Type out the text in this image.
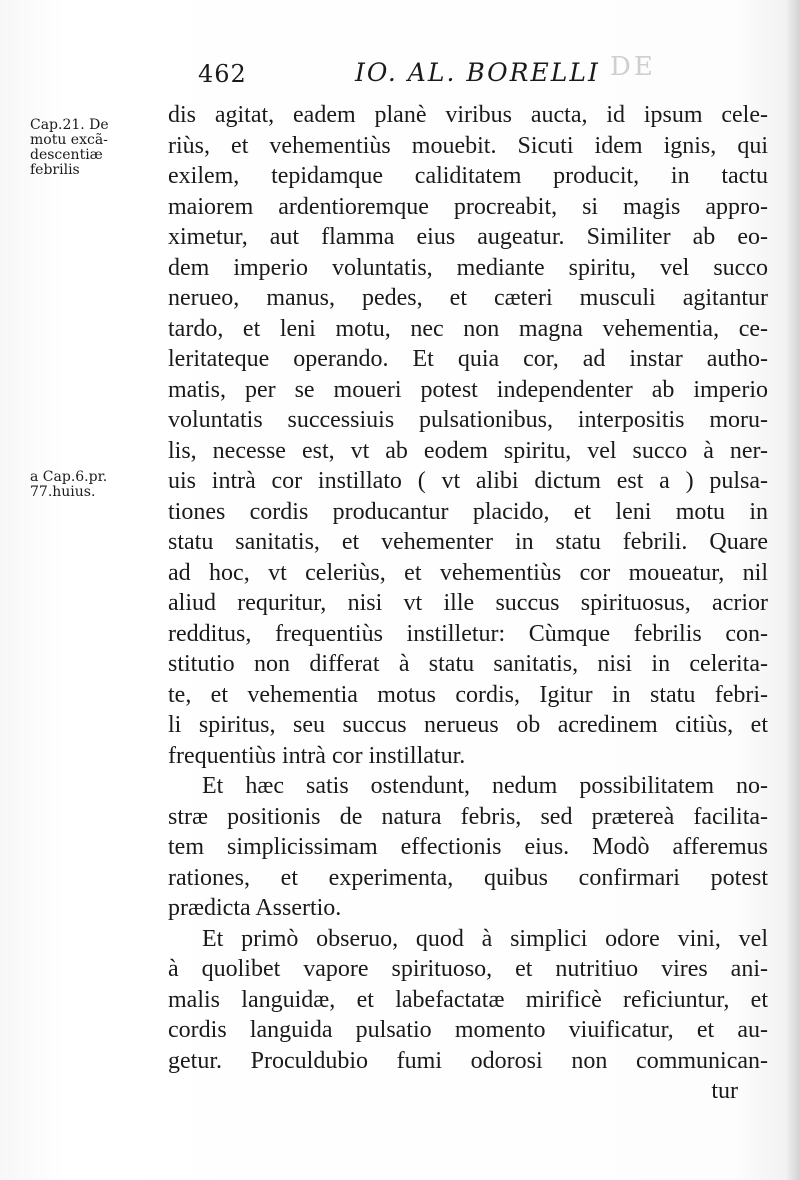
462	IO. AL. BORELLI DE
Cap.21. De
motu excã-
descentiæ
febrilis
a Cap.6.pr.
77.huius.
dis agitat, eadem planè viribus aucta, id ipsum cele-
riùs, et vehementiùs mouebit. Sicuti idem ignis, qui
exilem, tepidamque caliditatem producit, in tactu
maiorem ardentioremque procreabit, si magis appro-
ximetur, aut flamma eius augeatur. Similiter ab eo-
dem imperio voluntatis, mediante spiritu, vel succo
nerueo, manus, pedes, et cæteri musculi agitantur
tardo, et leni motu, nec non magna vehementia, ce-
leritateque operando. Et quia cor, ad instar autho-
matis, per se moueri potest independenter ab imperio
voluntatis successiuis pulsationibus, interpositis moru-
lis, necesse est, vt ab eodem spiritu, vel succo à ner-
uis intrà cor instillato ( vt alibi dictum est a ) pulsa-
tiones cordis producantur placido, et leni motu in
statu sanitatis, et vehementer in statu febrili. Quare
ad hoc, vt celeriùs, et vehementiùs cor moueatur, nil
aliud requritur, nisi vt ille succus spirituosus, acrior
redditus, frequentiùs instilletur: Cùmque febrilis con-
stitutio non differat à statu sanitatis, nisi in celerita-
te, et vehementia motus cordis, Igitur in statu febri-
li spiritus, seu succus nerueus ob acredinem citiùs, et
frequentiùs intrà cor instillatur.
Et hæc satis ostendunt, nedum possibilitatem no-
stræ positionis de natura febris, sed prætereà facilita-
tem simplicissimam effectionis eius. Modò afferemus
rationes, et experimenta, quibus confirmari potest
prædicta Assertio.
Et primò obseruo, quod à simplici odore vini, vel
à quolibet vapore spirituoso, et nutritiuo vires ani-
malis languidæ, et labefactatæ mirificè reficiuntur, et
cordis languida pulsatio momento viuificatur, et au-
getur. Proculdubio fumi odorosi non communican-
tur
